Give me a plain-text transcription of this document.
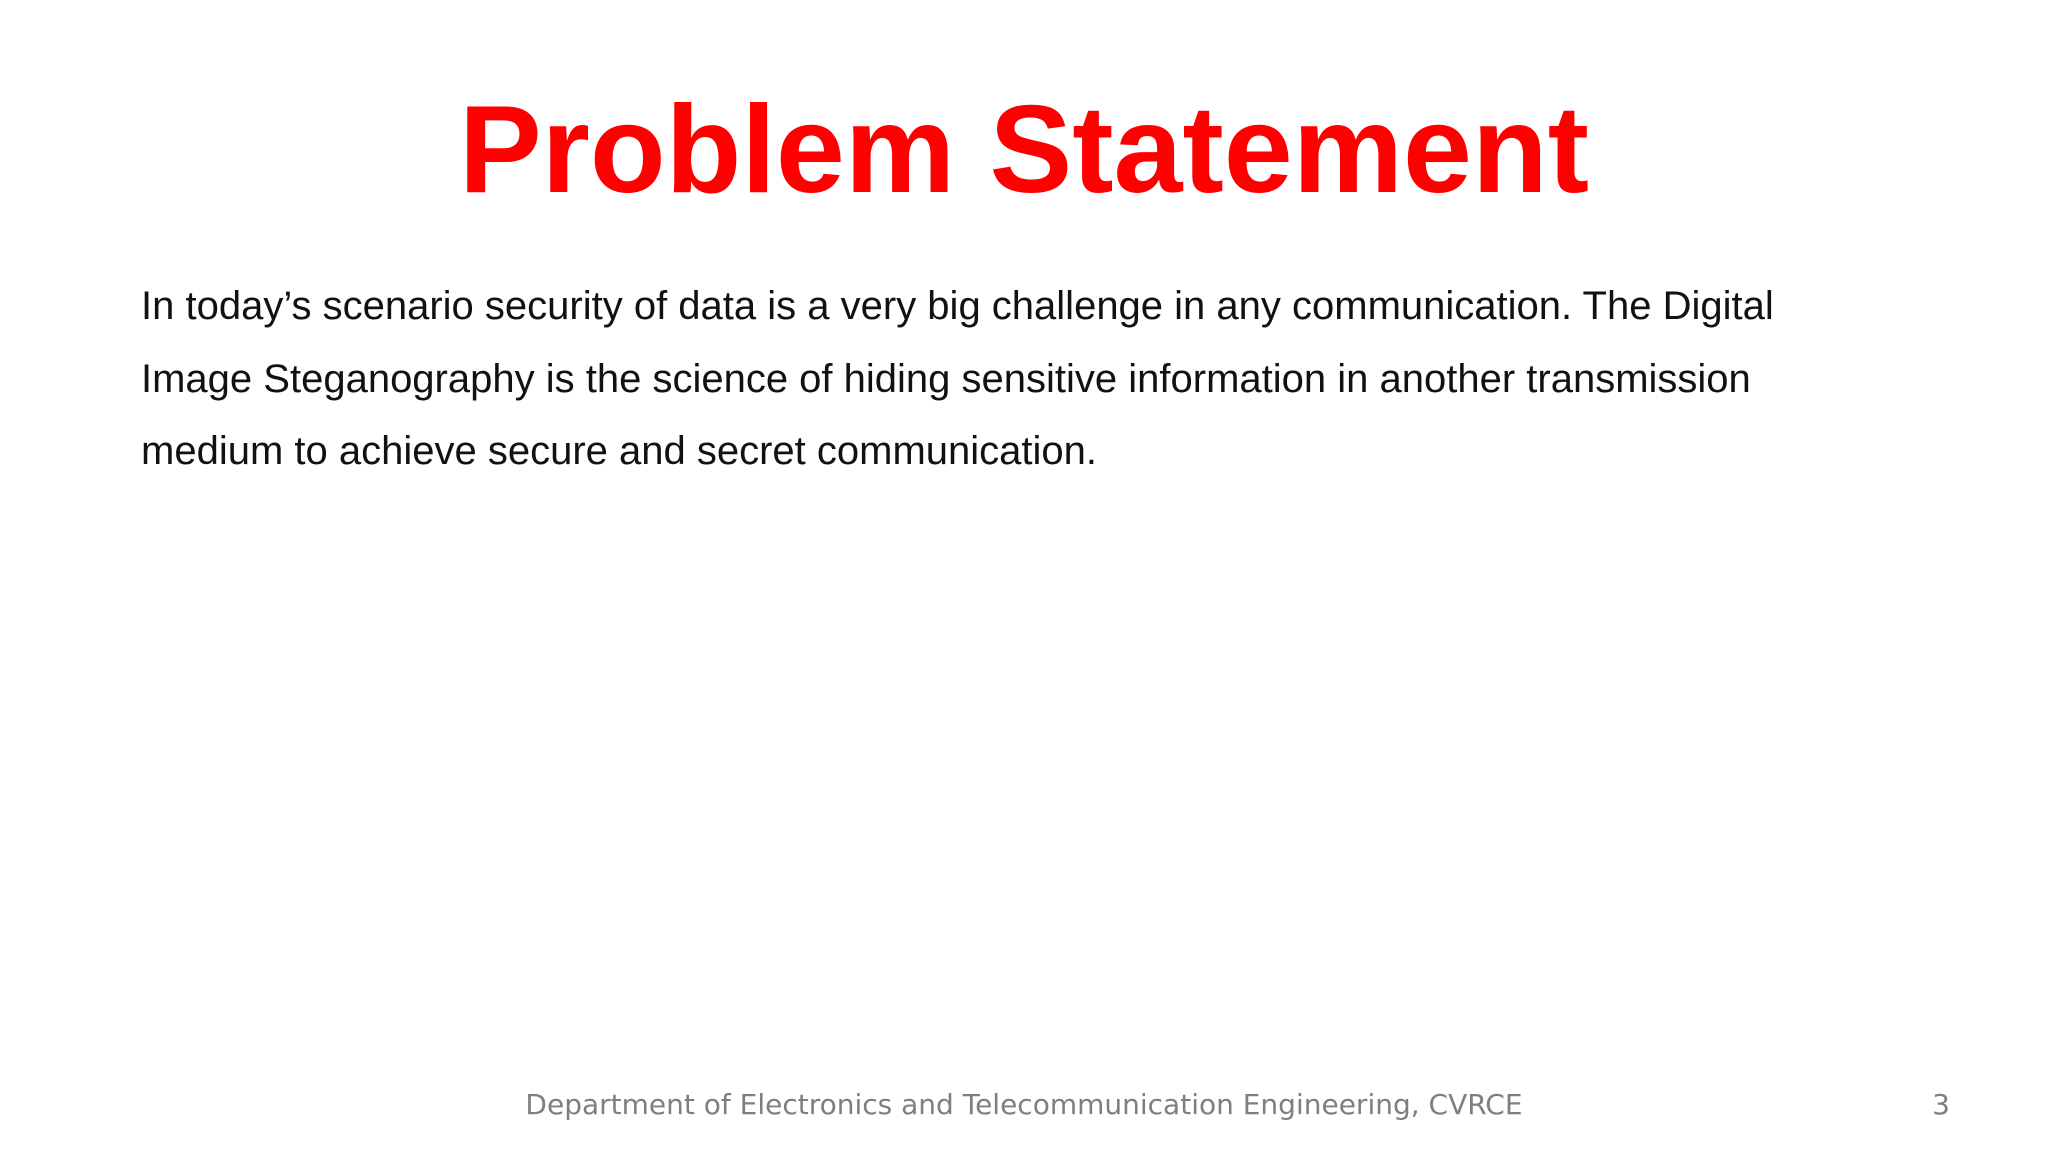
Problem Statement
In today’s scenario security of data is a very big challenge in any communication. The Digital
Image Steganography is the science of hiding sensitive information in another transmission
medium to achieve secure and secret communication.
Department of Electronics and Telecommunication Engineering, CVRCE	3
